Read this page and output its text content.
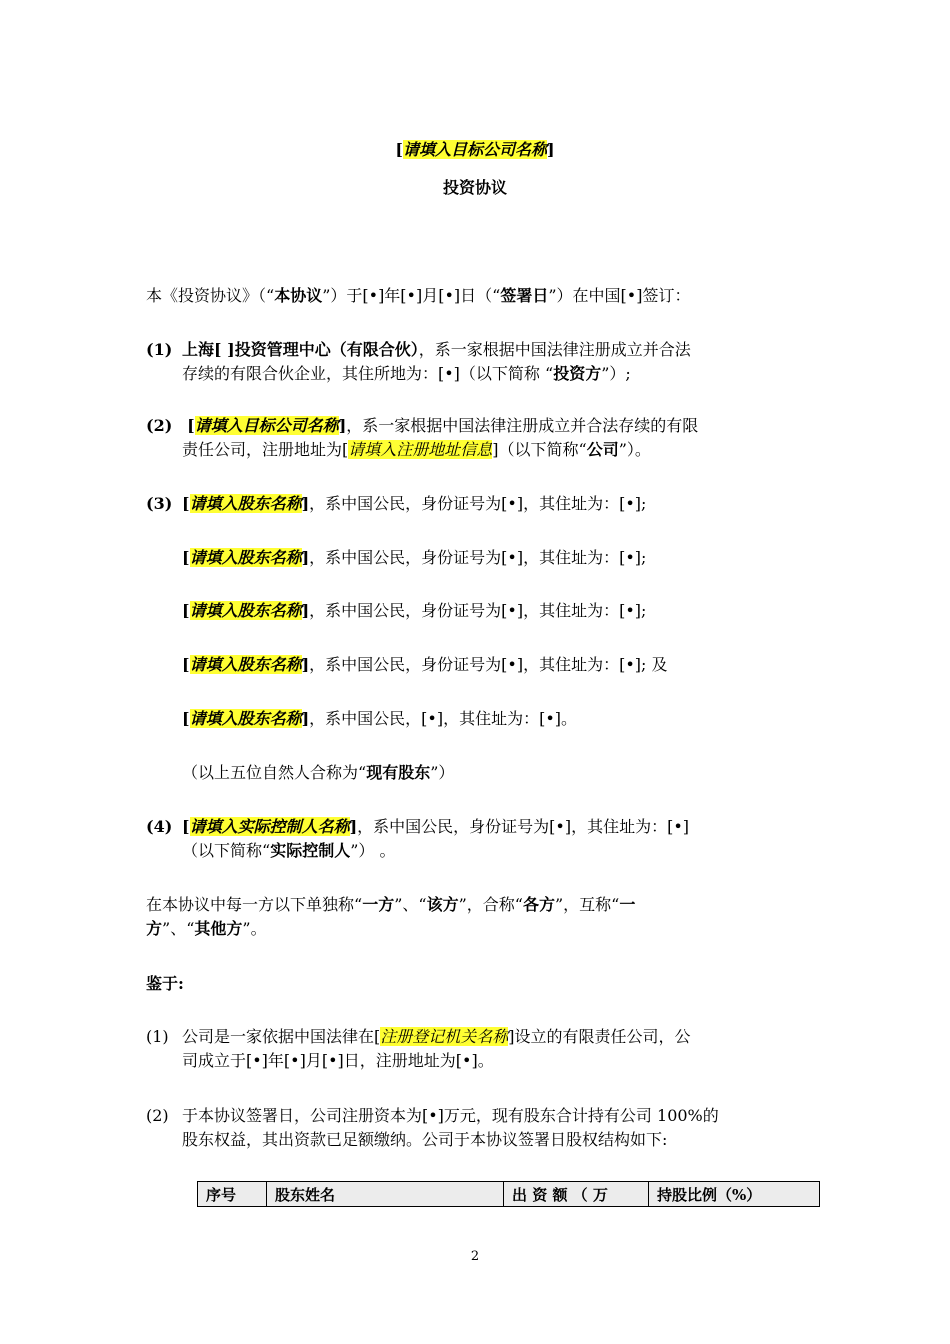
[请填入目标公司名称]
投资协议
本《投资协议》（“本协议”）于[•]年[•]月[•]日（“签署日”）在中国[•]签订：
(1) 上海[ ]投资管理中心（有限合伙），系一家根据中国法律注册成立并合法
存续的有限合伙企业，其住所地为：[•]（以下简称 “投资方”）;
(2) [请填入目标公司名称]，系一家根据中国法律注册成立并合法存续的有限
责任公司，注册地址为[请填入注册地址信息]（以下简称“公司”）。
(3) [请填入股东名称]，系中国公民，身份证号为[•]，其住址为：[•];
[请填入股东名称]，系中国公民，身份证号为[•]，其住址为：[•];
[请填入股东名称]，系中国公民，身份证号为[•]，其住址为：[•];
[请填入股东名称]，系中国公民，身份证号为[•]，其住址为：[•]; 及
[请填入股东名称]，系中国公民，[•]，其住址为：[•]。
（以上五位自然人合称为“现有股东”）
(4) [请填入实际控制人名称]，系中国公民，身份证号为[•]，其住址为：[•]
（以下简称“实际控制人”） 。
在本协议中每一方以下单独称“一方”、“该方”，合称“各方”，互称“一
方”、“其他方”。
鉴于:
(1) 公司是一家依据中国法律在[注册登记机关名称]设立的有限责任公司，公
司成立于[•]年[•]月[•]日，注册地址为[•]。
(2) 于本协议签署日，公司注册资本为[•]万元，现有股东合计持有公司 100%的
股东权益，其出资款已足额缴纳。公司于本协议签署日股权结构如下:
序号	股东姓名	出 资 额 （ 万	持股比例（%）
2
